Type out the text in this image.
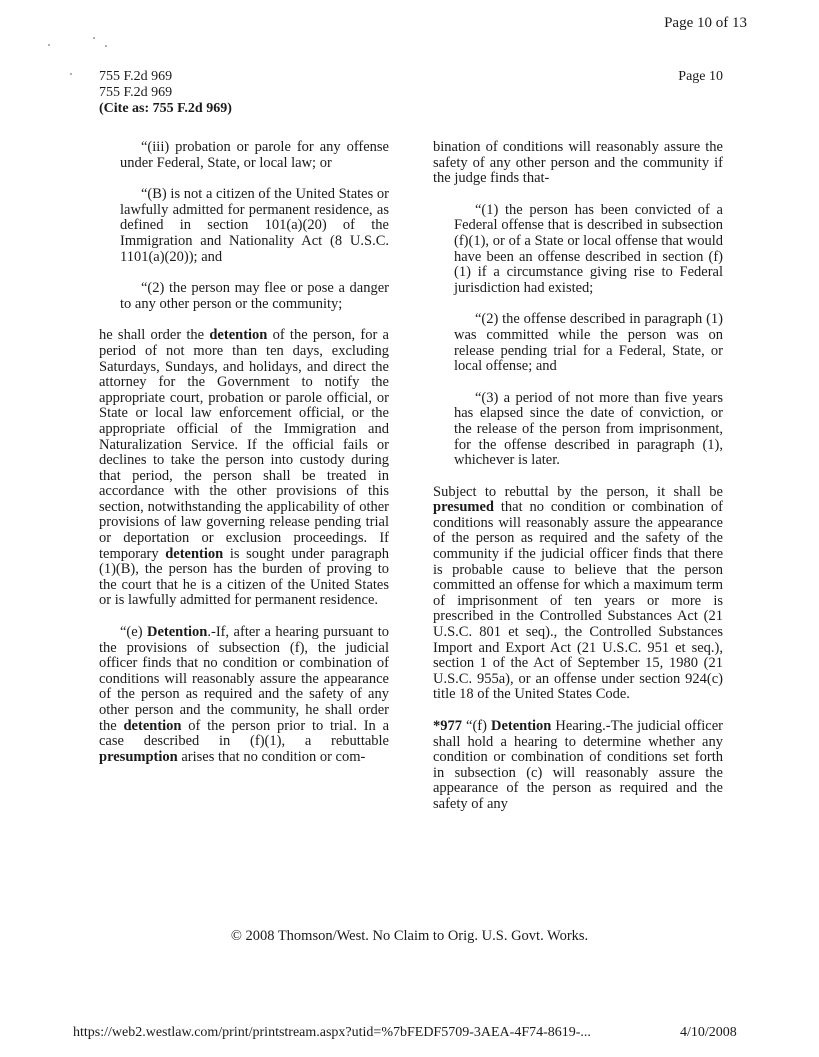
Page 10 of 13
755 F.2d 969
755 F.2d 969
(Cite as: 755 F.2d 969)
Page 10

“(iii) probation or parole for any offense under Federal, State, or local law; or

“(B) is not a citizen of the United States or lawfully admitted for permanent residence, as defined in section 101(a)(20) of the Immigration and Nationality Act (8 U.S.C. 1101(a)(20)); and

“(2) the person may flee or pose a danger to any other person or the community;

he shall order the detention of the person, for a period of not more than ten days, excluding Saturdays, Sundays, and holidays, and direct the attorney for the Government to notify the appropriate court, probation or parole official, or State or local law enforcement official, or the appropriate official of the Immigration and Naturalization Service. If the official fails or declines to take the person into custody during that period, the person shall be treated in accordance with the other provisions of this section, notwithstanding the applicability of other provisions of law governing release pending trial or deportation or exclusion proceedings. If temporary detention is sought under paragraph (1)(B), the person has the burden of proving to the court that he is a citizen of the United States or is lawfully admitted for permanent residence.

“(e) Detention.-If, after a hearing pursuant to the provisions of subsection (f), the judicial officer finds that no condition or combination of conditions will reasonably assure the appearance of the person as required and the safety of any other person and the community, he shall order the detention of the person prior to trial. In a case described in (f)(1), a rebuttable presumption arises that no condition or com-

bination of conditions will reasonably assure the safety of any other person and the community if the judge finds that-

“(1) the person has been convicted of a Federal offense that is described in subsection (f)(1), or of a State or local offense that would have been an offense described in section (f)(1) if a circumstance giving rise to Federal jurisdiction had existed;

“(2) the offense described in paragraph (1) was committed while the person was on release pending trial for a Federal, State, or local offense; and

“(3) a period of not more than five years has elapsed since the date of conviction, or the release of the person from imprisonment, for the offense described in paragraph (1), whichever is later.

Subject to rebuttal by the person, it shall be presumed that no condition or combination of conditions will reasonably assure the appearance of the person as required and the safety of the community if the judicial officer finds that there is probable cause to believe that the person committed an offense for which a maximum term of imprisonment of ten years or more is prescribed in the Controlled Substances Act (21 U.S.C. 801 et seq)., the Controlled Substances Import and Export Act (21 U.S.C. 951 et seq.), section 1 of the Act of September 15, 1980 (21 U.S.C. 955a), or an offense under section 924(c) title 18 of the United States Code.

*977 “(f) Detention Hearing.-The judicial officer shall hold a hearing to determine whether any condition or combination of conditions set forth in subsection (c) will reasonably assure the appearance of the person as required and the safety of any

© 2008 Thomson/West. No Claim to Orig. U.S. Govt. Works.
https://web2.westlaw.com/print/printstream.aspx?utid=%7bFEDF5709-3AEA-4F74-8619-...	4/10/2008
